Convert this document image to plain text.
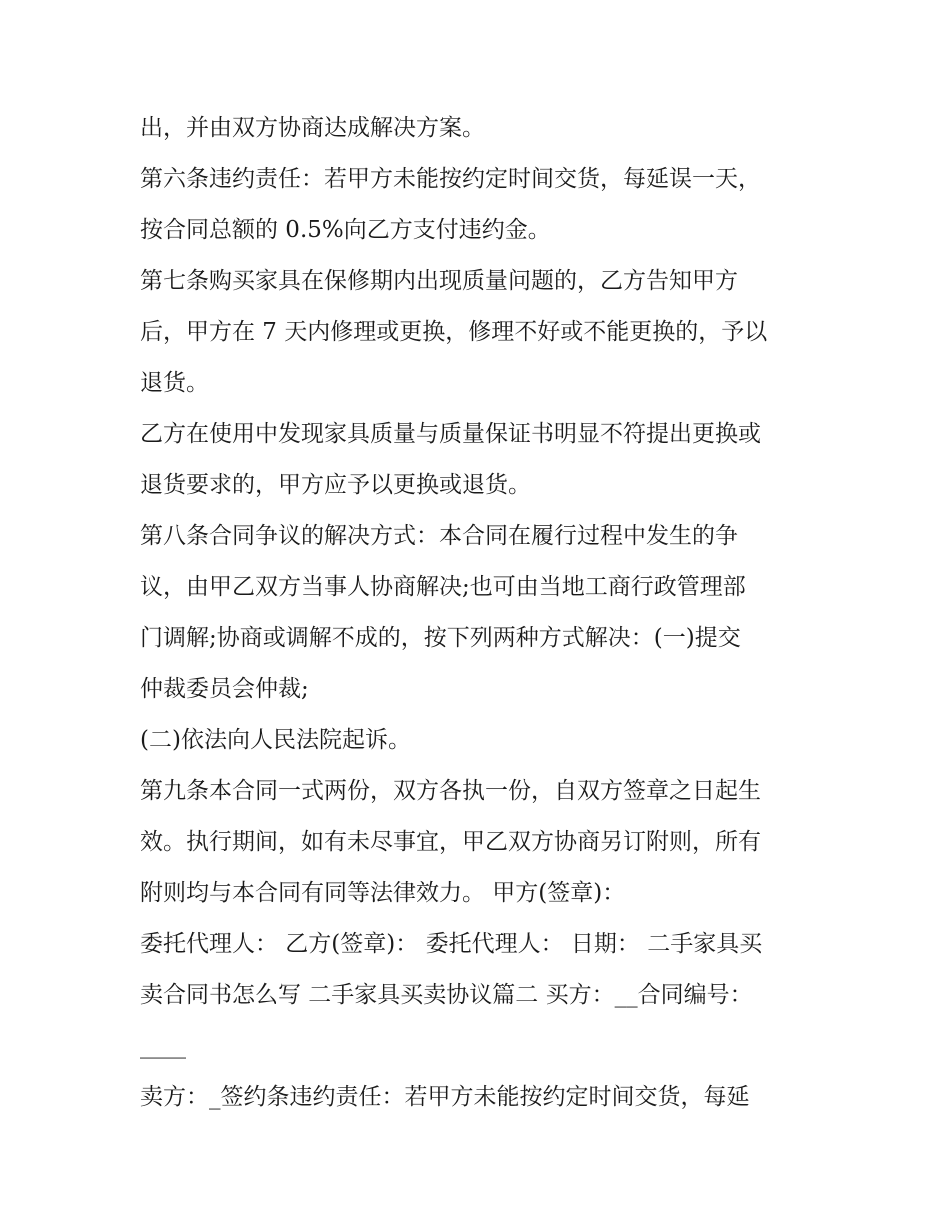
出，并由双方协商达成解决方案。
第六条违约责任：若甲方未能按约定时间交货，每延误一天，
按合同总额的 0.5%向乙方支付违约金。
第七条购买家具在保修期内出现质量问题的，乙方告知甲方
后，甲方在 7 天内修理或更换，修理不好或不能更换的，予以
退货。
乙方在使用中发现家具质量与质量保证书明显不符提出更换或
退货要求的，甲方应予以更换或退货。
第八条合同争议的解决方式：本合同在履行过程中发生的争
议，由甲乙双方当事人协商解决;也可由当地工商行政管理部
门调解;协商或调解不成的，按下列两种方式解决：(一)提交
仲裁委员会仲裁;
(二)依法向人民法院起诉。
第九条本合同一式两份，双方各执一份，自双方签章之日起生
效。执行期间，如有未尽事宜，甲乙双方协商另订附则，所有
附则均与本合同有同等法律效力。 甲方(签章)：
委托代理人： 乙方(签章)： 委托代理人： 日期： 二手家具买
卖合同书怎么写 二手家具买卖协议篇二 买方：__合同编号：
____
卖方：_签约条违约责任：若甲方未能按约定时间交货，每延
